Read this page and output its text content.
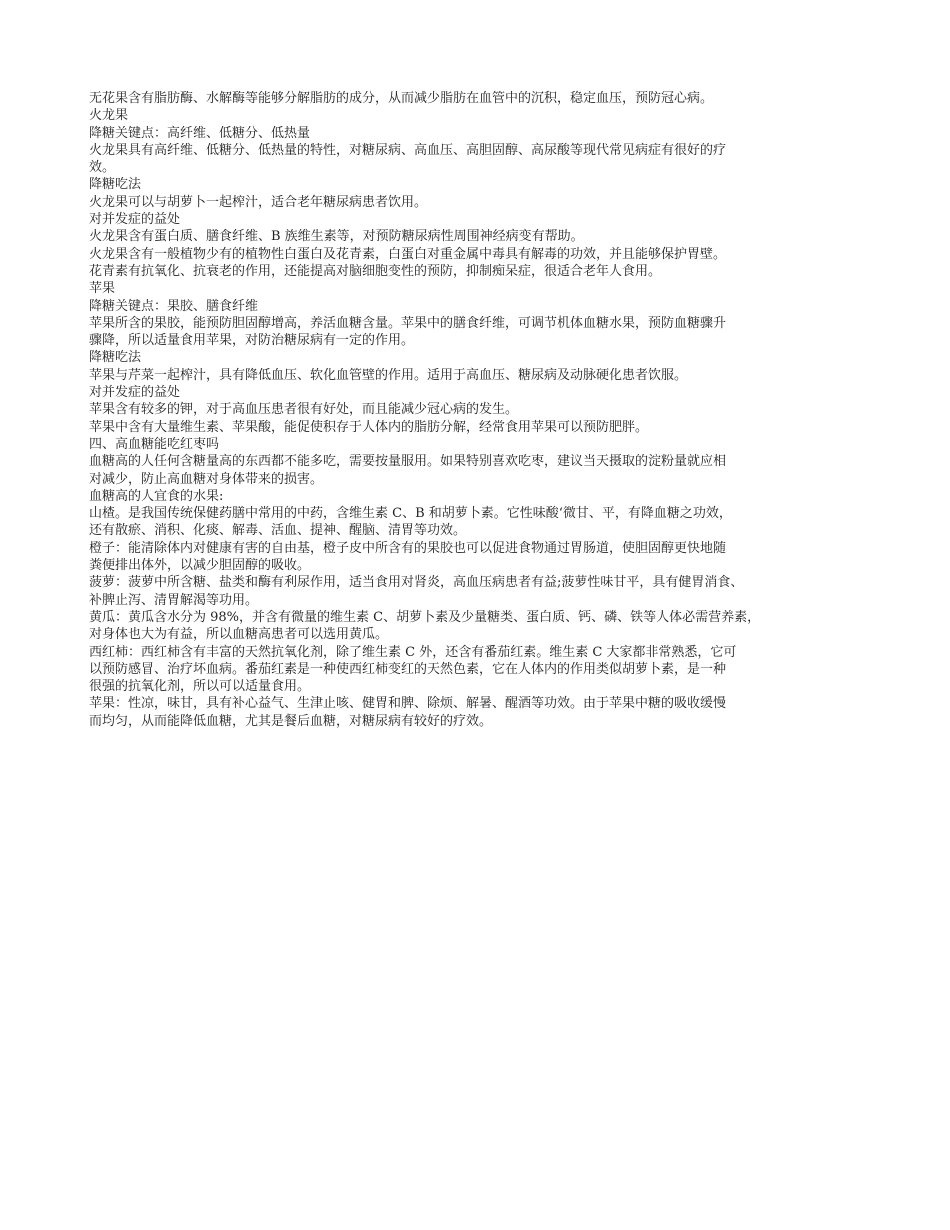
无花果含有脂肪酶、水解酶等能够分解脂肪的成分，从而减少脂肪在血管中的沉积，稳定血压，预防冠心病。
火龙果
降糖关键点：高纤维、低糖分、低热量
火龙果具有高纤维、低糖分、低热量的特性，对糖尿病、高血压、高胆固醇、高尿酸等现代常见病症有很好的疗
效。
降糖吃法
火龙果可以与胡萝卜一起榨汁，适合老年糖尿病患者饮用。
对并发症的益处
火龙果含有蛋白质、膳食纤维、B 族维生素等，对预防糖尿病性周围神经病变有帮助。
火龙果含有一般植物少有的植物性白蛋白及花青素，白蛋白对重金属中毒具有解毒的功效，并且能够保护胃壁。
花青素有抗氧化、抗衰老的作用，还能提高对脑细胞变性的预防，抑制痴呆症，很适合老年人食用。
苹果
降糖关键点：果胶、膳食纤维
苹果所含的果胶，能预防胆固醇增高，养活血糖含量。苹果中的膳食纤维，可调节机体血糖水果，预防血糖骤升
骤降，所以适量食用苹果，对防治糖尿病有一定的作用。
降糖吃法
苹果与芹菜一起榨汁，具有降低血压、软化血管壁的作用。适用于高血压、糖尿病及动脉硬化患者饮服。
对并发症的益处
苹果含有较多的钾，对于高血压患者很有好处，而且能减少冠心病的发生。
苹果中含有大量维生素、苹果酸，能促使积存于人体内的脂肪分解，经常食用苹果可以预防肥胖。
四、高血糖能吃红枣吗
血糖高的人任何含糖量高的东西都不能多吃，需要按量服用。如果特别喜欢吃枣，建议当天摄取的淀粉量就应相
对减少，防止高血糖对身体带来的损害。
血糖高的人宜食的水果:
山楂。是我国传统保健药膳中常用的中药，含维生素 C、B 和胡萝卜素。它性味酸‘微甘、平，有降血糖之功效，
还有散瘀、消积、化痰、解毒、活血、提神、醒脑、清胃等功效。
橙子：能清除体内对健康有害的自由基，橙子皮中所含有的果胶也可以促进食物通过胃肠道，使胆固醇更快地随
粪便排出体外，以减少胆固醇的吸收。
菠萝：菠萝中所含糖、盐类和酶有利尿作用，适当食用对肾炎，高血压病患者有益;菠萝性味甘平，具有健胃消食、
补脾止泻、清胃解渴等功用。
黄瓜：黄瓜含水分为 98%，并含有微量的维生素 C、胡萝卜素及少量糖类、蛋白质、钙、磷、铁等人体必需营养素，
对身体也大为有益，所以血糖高患者可以选用黄瓜。
西红柿：西红柿含有丰富的天然抗氧化剂，除了维生素 C 外，还含有番茄红素。维生素 C 大家都非常熟悉，它可
以预防感冒、治疗坏血病。番茄红素是一种使西红柿变红的天然色素，它在人体内的作用类似胡萝卜素，是一种
很强的抗氧化剂，所以可以适量食用。
苹果：性凉，味甘，具有补心益气、生津止咳、健胃和脾、除烦、解暑、醒酒等功效。由于苹果中糖的吸收缓慢
而均匀，从而能降低血糖，尤其是餐后血糖，对糖尿病有较好的疗效。
